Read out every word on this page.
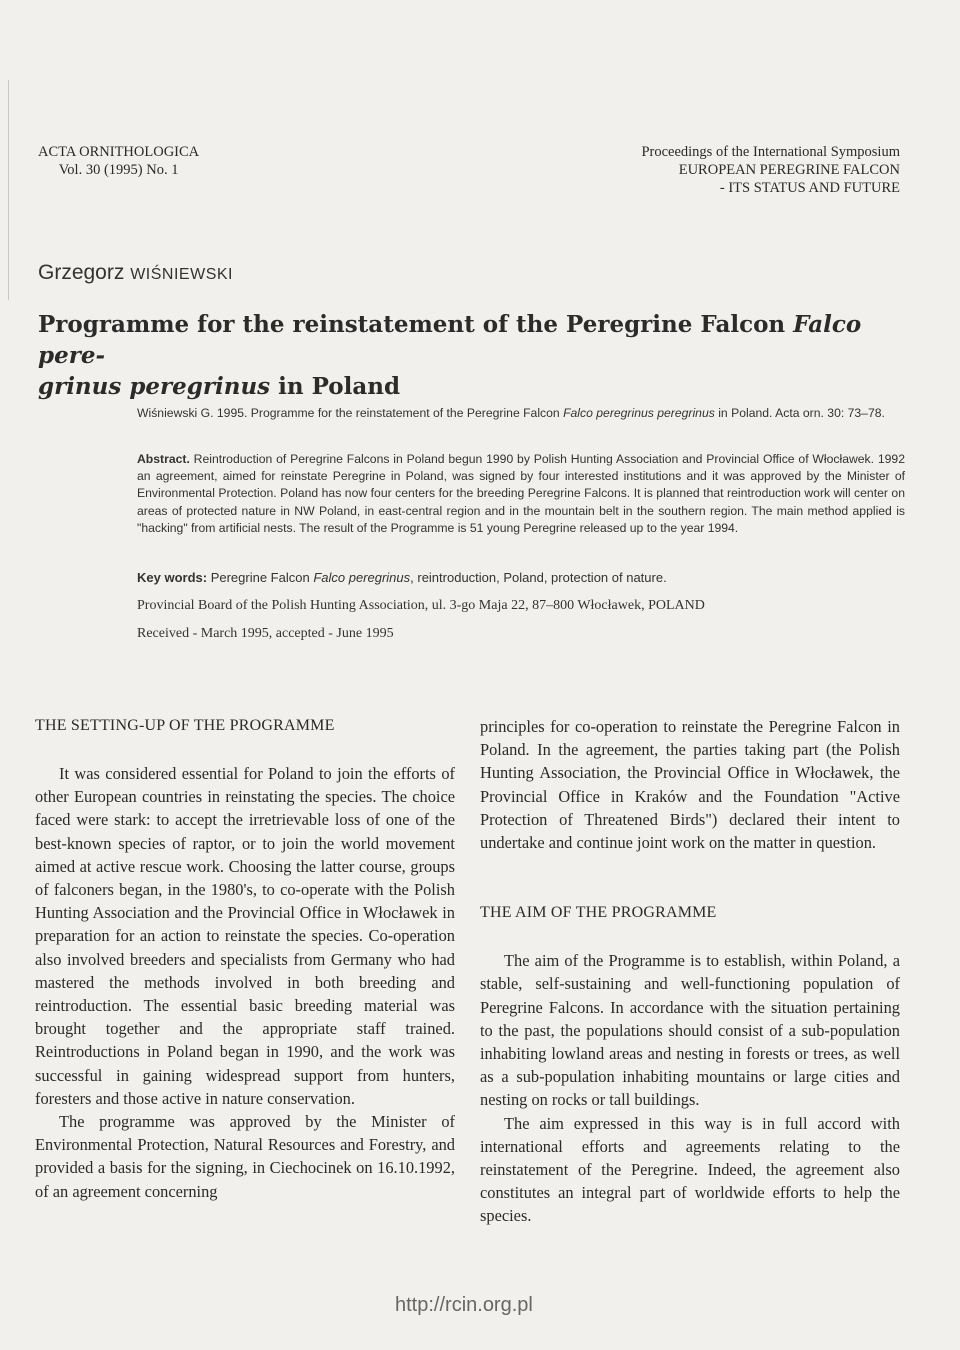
ACTA ORNITHOLOGICA
Vol. 30 (1995) No. 1
Proceedings of the International Symposium
EUROPEAN PEREGRINE FALCON
- ITS STATUS AND FUTURE
Grzegorz WIŚNIEWSKI
Programme for the reinstatement of the Peregrine Falcon Falco pere-
grinus peregrinus in Poland
Wiśniewski G. 1995. Programme for the reinstatement of the Peregrine Falcon Falco peregrinus peregrinus in Poland. Acta orn. 30: 73–78.
Abstract. Reintroduction of Peregrine Falcons in Poland begun 1990 by Polish Hunting Association and Provincial Office of Włocławek. 1992 an agreement, aimed for reinstate Peregrine in Poland, was signed by four interested institutions and it was approved by the Minister of Environmental Protection. Poland has now four centers for the breeding Peregrine Falcons. It is planned that reintroduction work will center on areas of protected nature in NW Poland, in east-central region and in the mountain belt in the southern region. The main method applied is "hacking" from artificial nests. The result of the Programme is 51 young Peregrine released up to the year 1994.
Key words: Peregrine Falcon Falco peregrinus, reintroduction, Poland, protection of nature.
Provincial Board of the Polish Hunting Association, ul. 3-go Maja 22, 87–800 Włocławek, POLAND
Received - March 1995, accepted - June 1995

THE SETTING-UP OF THE PROGRAMME

It was considered essential for Poland to join the efforts of other European countries in reinstating the species. The choice faced were stark: to accept the irretrievable loss of one of the best-known species of raptor, or to join the world movement aimed at active rescue work. Choosing the latter course, groups of falconers began, in the 1980's, to co-operate with the Polish Hunting Association and the Provincial Office in Włocławek in preparation for an action to reinstate the species. Co-operation also involved breeders and specialists from Germany who had mastered the methods involved in both breeding and reintroduction. The essential basic breeding material was brought together and the appropriate staff trained. Reintroductions in Poland began in 1990, and the work was successful in gaining widespread support from hunters, foresters and those active in nature conservation.

The programme was approved by the Minister of Environmental Protection, Natural Resources and Forestry, and provided a basis for the signing, in Ciechocinek on 16.10.1992, of an agreement concerning

principles for co-operation to reinstate the Peregrine Falcon in Poland. In the agreement, the parties taking part (the Polish Hunting Association, the Provincial Office in Włocławek, the Provincial Office in Kraków and the Foundation "Active Protection of Threatened Birds") declared their intent to undertake and continue joint work on the matter in question.

THE AIM OF THE PROGRAMME

The aim of the Programme is to establish, within Poland, a stable, self-sustaining and well-functioning population of Peregrine Falcons. In accordance with the situation pertaining to the past, the populations should consist of a sub-population inhabiting lowland areas and nesting in forests or trees, as well as a sub-population inhabiting mountains or large cities and nesting on rocks or tall buildings.

The aim expressed in this way is in full accord with international efforts and agreements relating to the reinstatement of the Peregrine. Indeed, the agreement also constitutes an integral part of worldwide efforts to help the species.

http://rcin.org.pl
